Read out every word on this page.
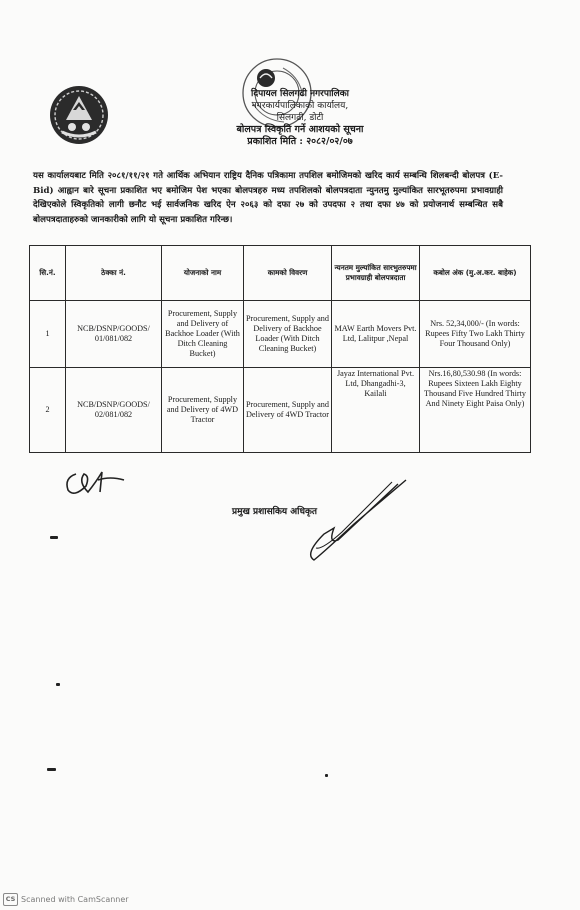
दिपायल सिलगढी नगरपालिका
नगरकार्यपालिकाको कार्यालय,
सिलगढी, डोटी
बोलपत्र स्विकृति गर्ने आशयको सूचना
प्रकाशित मिति : २०८२/०२/०७
यस कार्यालयबाट मिति २०८१/११/२१ गते आर्थिक अभियान राष्ट्रिय दैनिक पत्रिकामा तपशिल बमोजिमको खरिद कार्य सम्बन्धि शिलबन्दी बोलपत्र (E- Bid) आह्वान बारे सूचना प्रकाशित भए बमोजिम पेश भएका बोलपत्रहरु मध्य तपशिलको बोलपत्रदाता न्युनतमु मुल्यांकित सारभूतरुपमा प्रभावग्राही देखिएकोले स्विकृतिको लागी छनौट भई सार्वजनिक खरिद ऐन २०६३ को दफा २७ को उपदफा २ तथा दफा ४७ को प्रयोजनार्थ सम्बन्धित सबै बोलपत्रदाताहरुको जानकारीको लागि यो सूचना प्रकाशित गरिन्छ।
सि.नं.	ठेक्का नं.	योजनाको नाम	कामको विवरण	न्यनतम मुल्यांकित सारभुतरुपमा प्रभावग्राही बोलपत्रदाता	कबोल अंक (मु.अ.कर. बाहेक)
1	NCB/DSNP/GOODS/ 01/081/082	Procurement, Supply and Delivery of Backhoe Loader (With Ditch Cleaning Bucket)	Procurement, Supply and Delivery of Backhoe Loader (With Ditch Cleaning Bucket)	MAW Earth Movers Pvt. Ltd, Lalitpur ,Nepal	Nrs. 52,34,000/- (In words: Rupees Fifty Two Lakh Thirty Four Thousand Only)
2	NCB/DSNP/GOODS/ 02/081/082	Procurement, Supply and Delivery of 4WD Tractor	Procurement, Supply and Delivery of 4WD Tractor	Jayaz International Pvt. Ltd, Dhangadhi-3, Kailali	Nrs.16,80,530.98 (In words: Rupees Sixteen Lakh Eighty Thousand Five Hundred Thirty And Ninety Eight Paisa Only)
प्रमुख प्रशासकिय अधिकृत
CS Scanned with CamScanner
